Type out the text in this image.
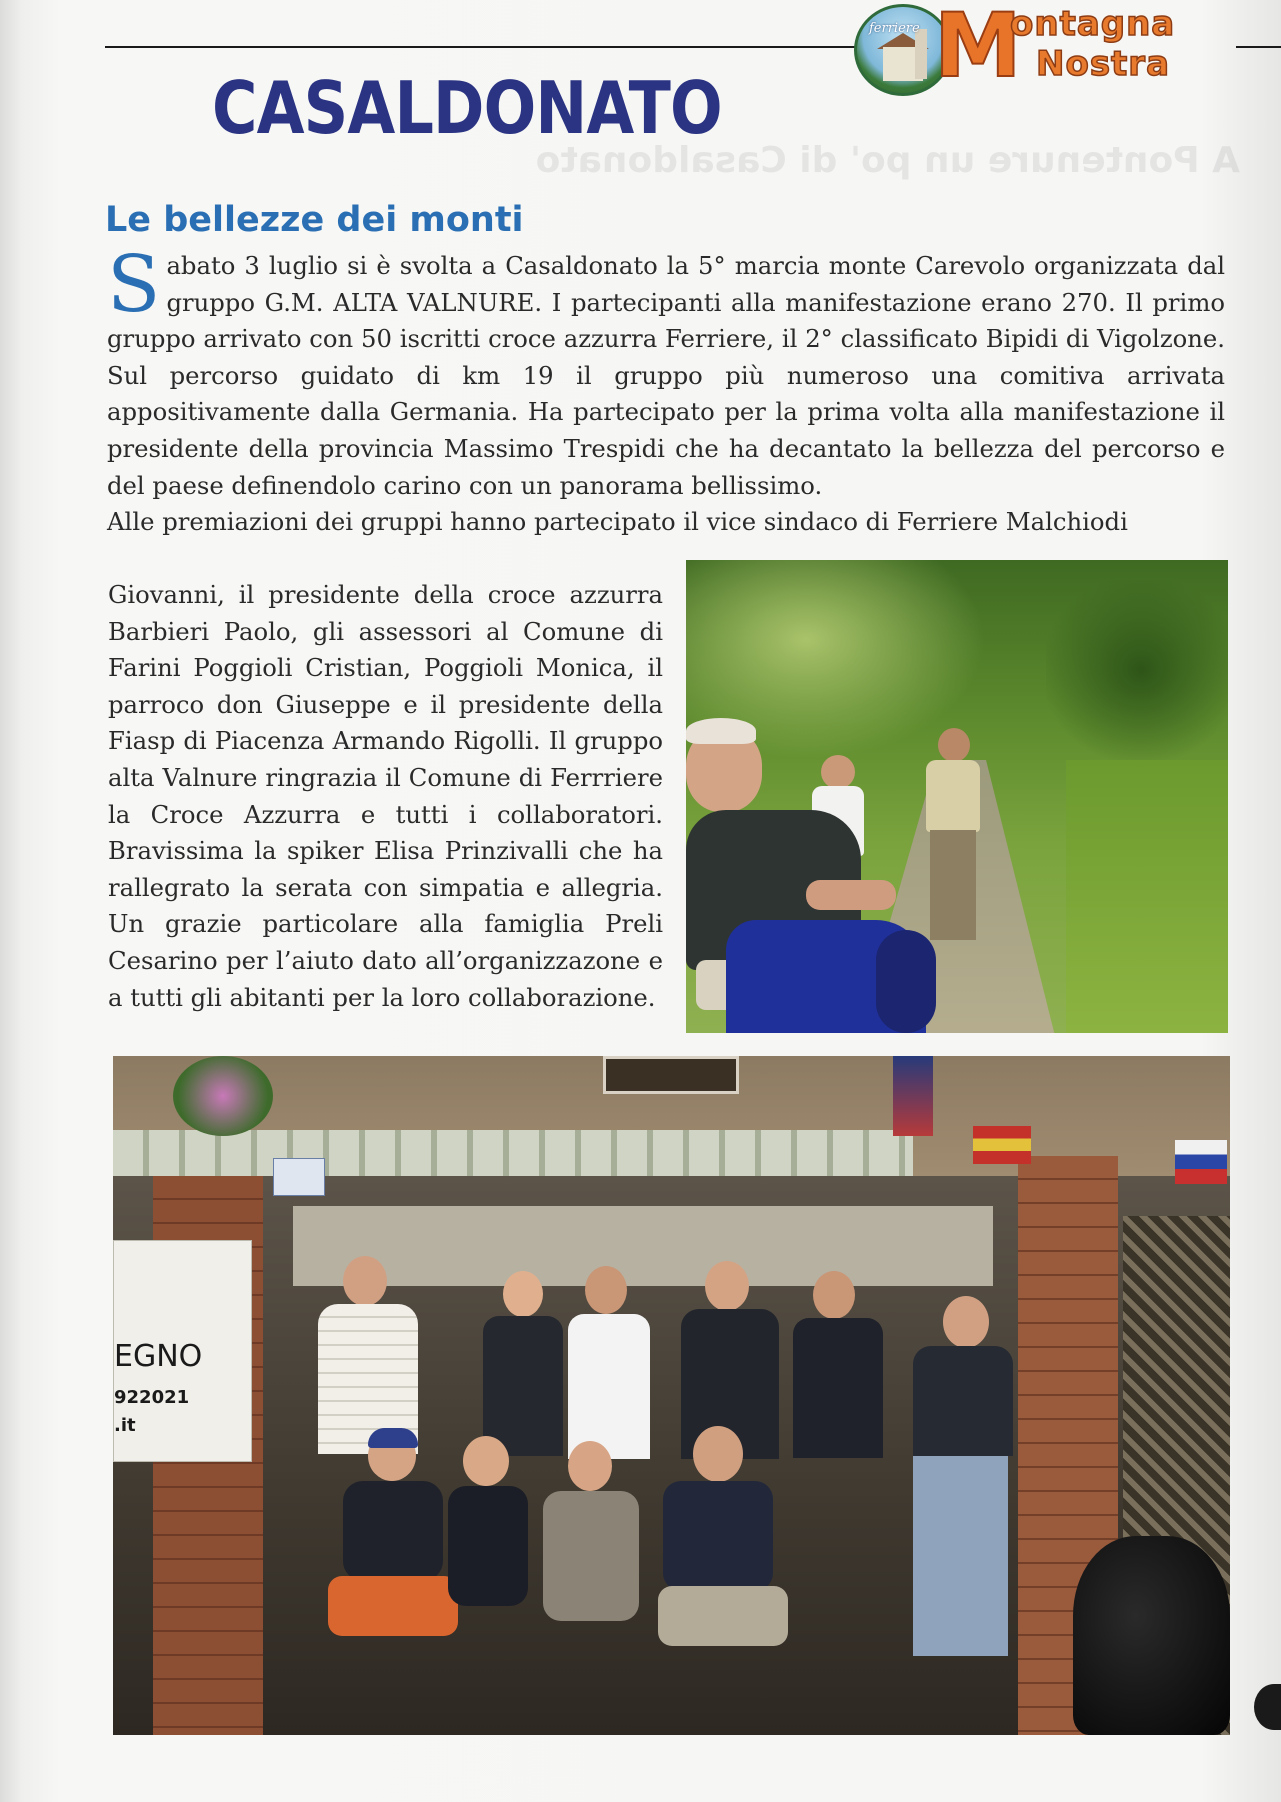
A Pontenure un po' di Casaldonato
ferriere M
ontagna
Nostra
CASALDONATO
Le bellezze dei monti
Sabato 3 luglio si è svolta a Casaldonato la 5° marcia monte Carevolo organizzata dal gruppo G.M. ALTA VALNURE. I partecipanti alla manifestazione erano 270. Il primo gruppo arrivato con 50 iscritti croce azzurra Ferriere, il 2° classificato Bipidi di Vigolzone. Sul percorso guidato di km 19 il gruppo più numeroso una comitiva arrivata appositivamente dalla Germania. Ha partecipato per la prima volta alla manifestazione il presidente della provincia Massimo Trespidi che ha decantato la bellezza del percorso e del paese definendolo carino con un panorama bellissimo.
Alle premiazioni dei gruppi hanno partecipato il vice sindaco di Ferriere Malchiodi
Giovanni, il presidente della croce azzurra Barbieri Paolo, gli assessori al Comune di Farini Poggioli Cristian, Poggioli Monica, il parroco don Giuseppe e il presidente della Fiasp di Piacenza Armando Rigolli. Il gruppo alta Valnure ringrazia il Comune di Ferrriere la Croce Azzurra e tutti i collaboratori. Bravissima la spiker Elisa Prinzivalli che ha rallegrato la serata con simpatia e allegria. Un grazie particolare alla famiglia Preli Cesarino per l’aiuto dato all’organizzazone e a tutti gli abitanti per la loro collaborazione.
EGNO
922021
.it
